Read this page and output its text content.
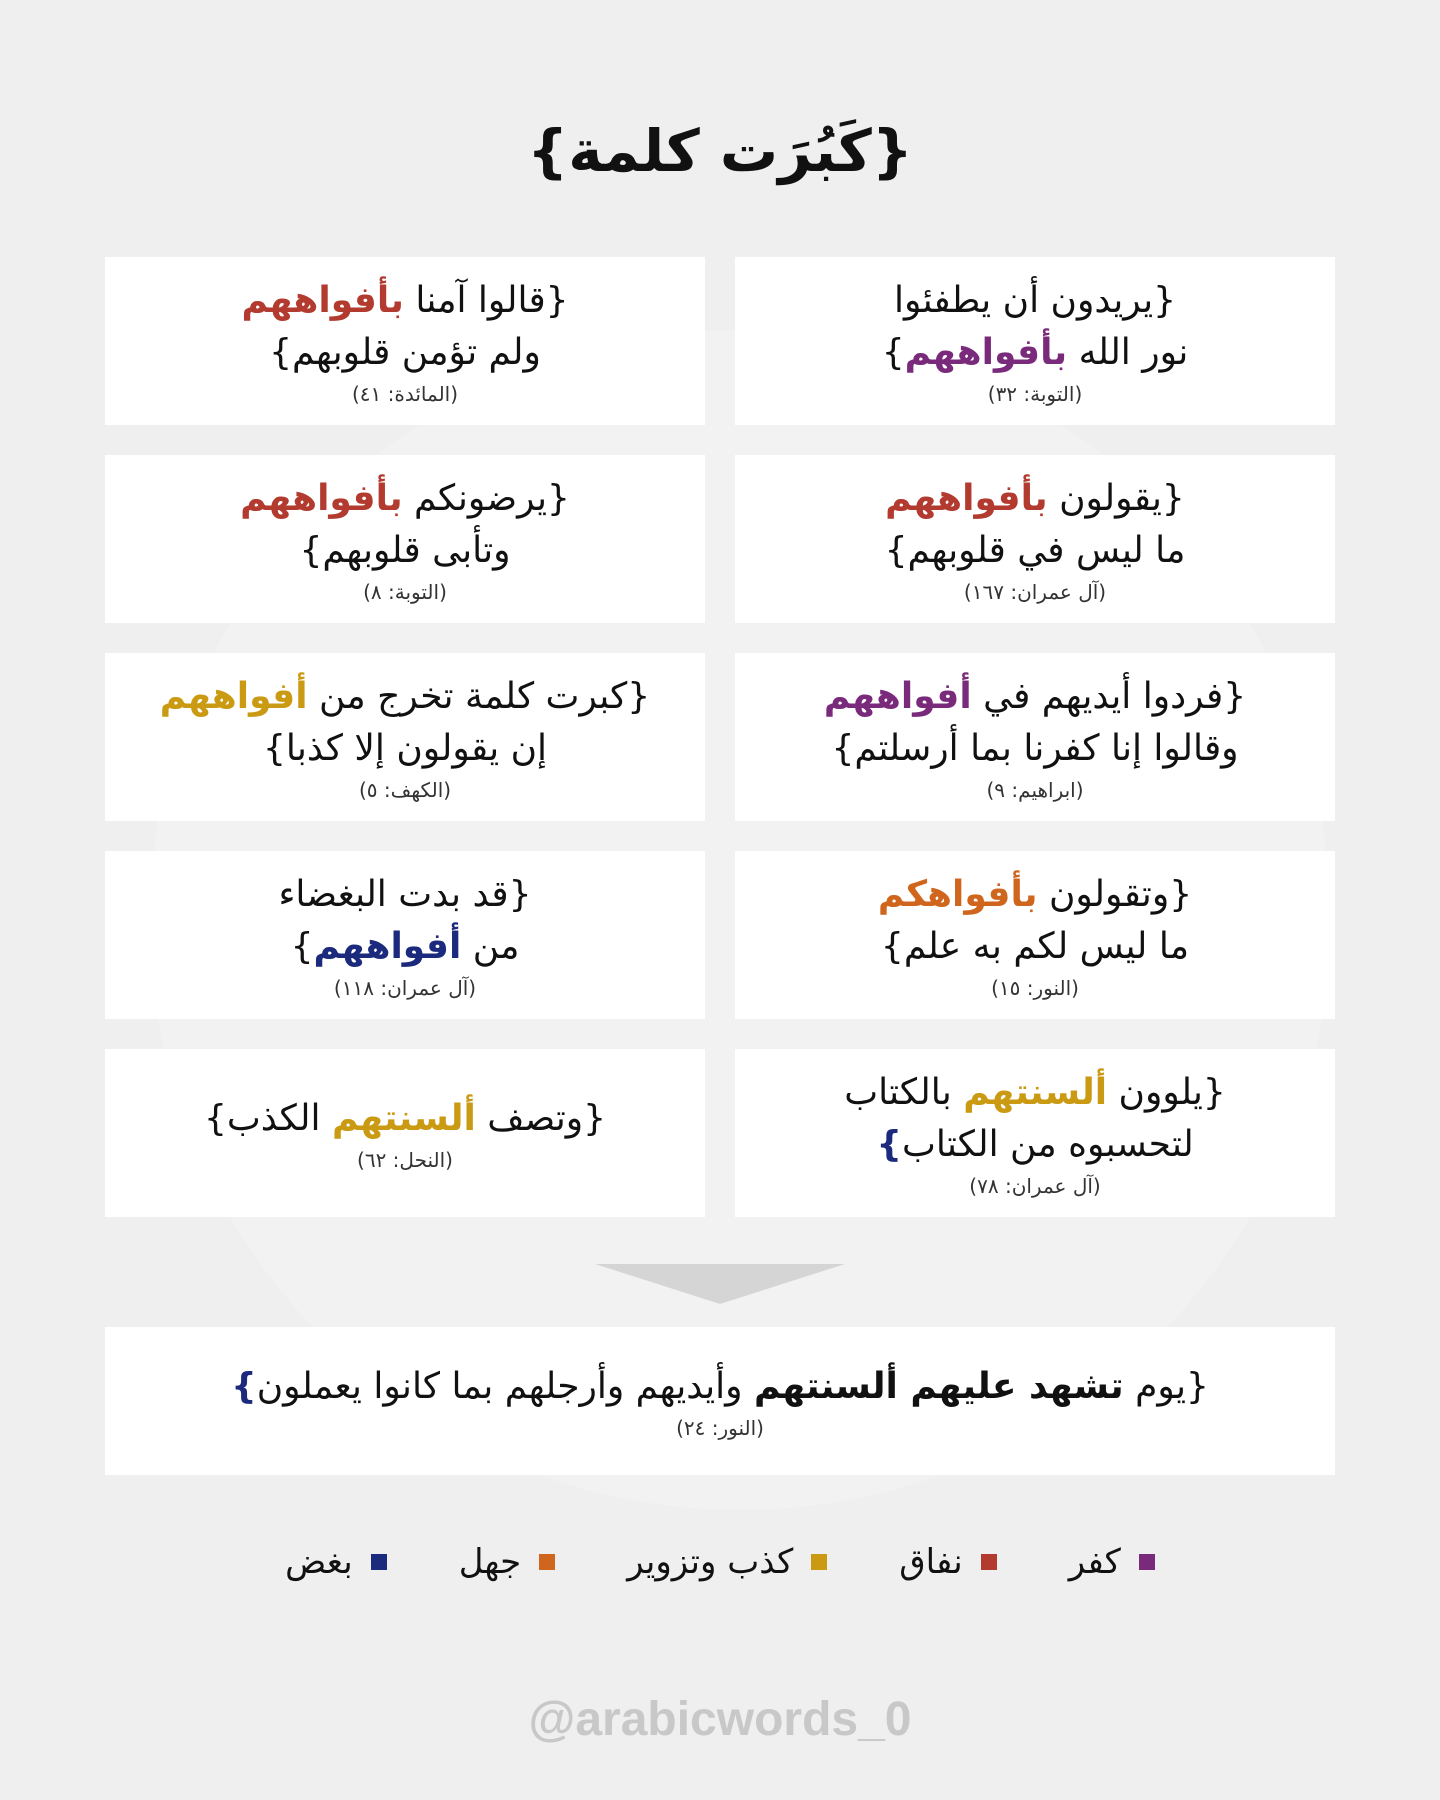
{كَبُرَت كلمة}
{يريدون أن يطفئوا
نور الله بأفواههم}
(التوبة: ٣٢)
{قالوا آمنا بأفواههم
ولم تؤمن قلوبهم}
(المائدة: ٤١)
{يقولون بأفواههم
ما ليس في قلوبهم}
(آل عمران: ١٦٧)
{يرضونكم بأفواههم
وتأبى قلوبهم}
(التوبة: ٨)
{فردوا أيديهم في أفواههم
وقالوا إنا كفرنا بما أرسلتم}
(ابراهيم: ٩)
{كبرت كلمة تخرج من أفواههم
إن يقولون إلا كذبا}
(الكهف: ٥)
{وتقولون بأفواهكم
ما ليس لكم به علم}
(النور: ١٥)
{قد بدت البغضاء
من أفواههم}
(آل عمران: ١١٨)
{يلوون ألسنتهم بالكتاب
لتحسبوه من الكتاب}
(آل عمران: ٧٨)
{وتصف ألسنتهم الكذب}
(النحل: ٦٢)
{يوم تشهد عليهم ألسنتهم وأيديهم وأرجلهم بما كانوا يعملون}
(النور: ٢٤)
كفر
نفاق
كذب وتزوير
جهل
بغض
@arabicwords_0
